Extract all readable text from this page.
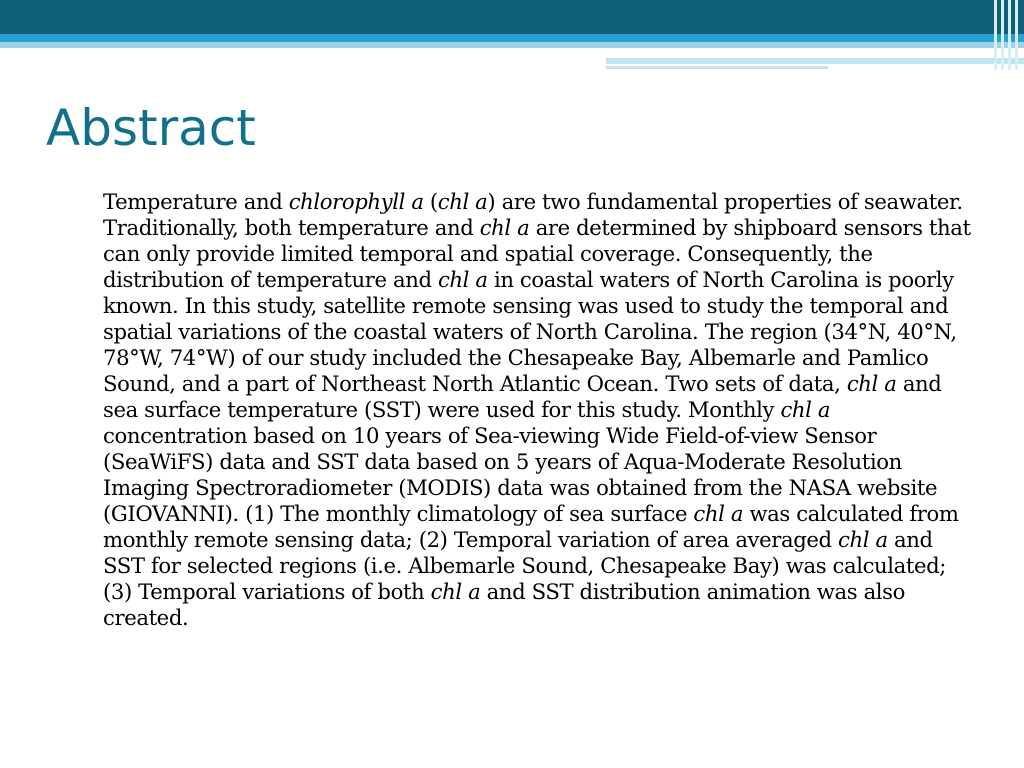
Abstract

Temperature and chlorophyll a (chl a) are two fundamental properties of seawater. Traditionally, both temperature and chl a are determined by shipboard sensors that can only provide limited temporal and spatial coverage. Consequently, the distribution of temperature and chl a in coastal waters of North Carolina is poorly known. In this study, satellite remote sensing was used to study the temporal and spatial variations of the coastal waters of North Carolina. The region (34°N, 40°N, 78°W, 74°W) of our study included the Chesapeake Bay, Albemarle and Pamlico Sound, and a part of Northeast North Atlantic Ocean. Two sets of data, chl a and sea surface temperature (SST) were used for this study. Monthly chl a concentration based on 10 years of Sea-viewing Wide Field-of-view Sensor (SeaWiFS) data and SST data based on 5 years of Aqua-Moderate Resolution Imaging Spectroradiometer (MODIS) data was obtained from the NASA website (GIOVANNI). (1) The monthly climatology of sea surface chl a was calculated from monthly remote sensing data; (2) Temporal variation of area averaged chl a and SST for selected regions (i.e. Albemarle Sound, Chesapeake Bay) was calculated; (3) Temporal variations of both chl a and SST distribution animation was also created.
